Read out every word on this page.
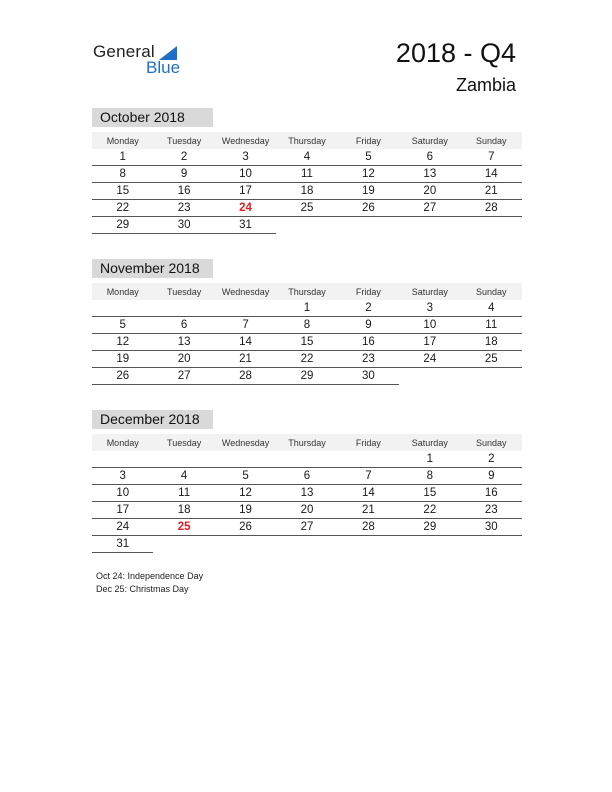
General
Blue	2018 - Q4
Zambia
October 2018
Monday	Tuesday	Wednesday	Thursday	Friday	Saturday	Sunday
1	2	3	4	5	6	7
8	9	10	11	12	13	14
15	16	17	18	19	20	21
22	23	24	25	26	27	28
29	30	31				
November 2018
Monday	Tuesday	Wednesday	Thursday	Friday	Saturday	Sunday
			1	2	3	4
5	6	7	8	9	10	11
12	13	14	15	16	17	18
19	20	21	22	23	24	25
26	27	28	29	30		
December 2018
Monday	Tuesday	Wednesday	Thursday	Friday	Saturday	Sunday
					1	2
3	4	5	6	7	8	9
10	11	12	13	14	15	16
17	18	19	20	21	22	23
24	25	26	27	28	29	30
31						
Oct 24: Independence Day
Dec 25: Christmas Day
